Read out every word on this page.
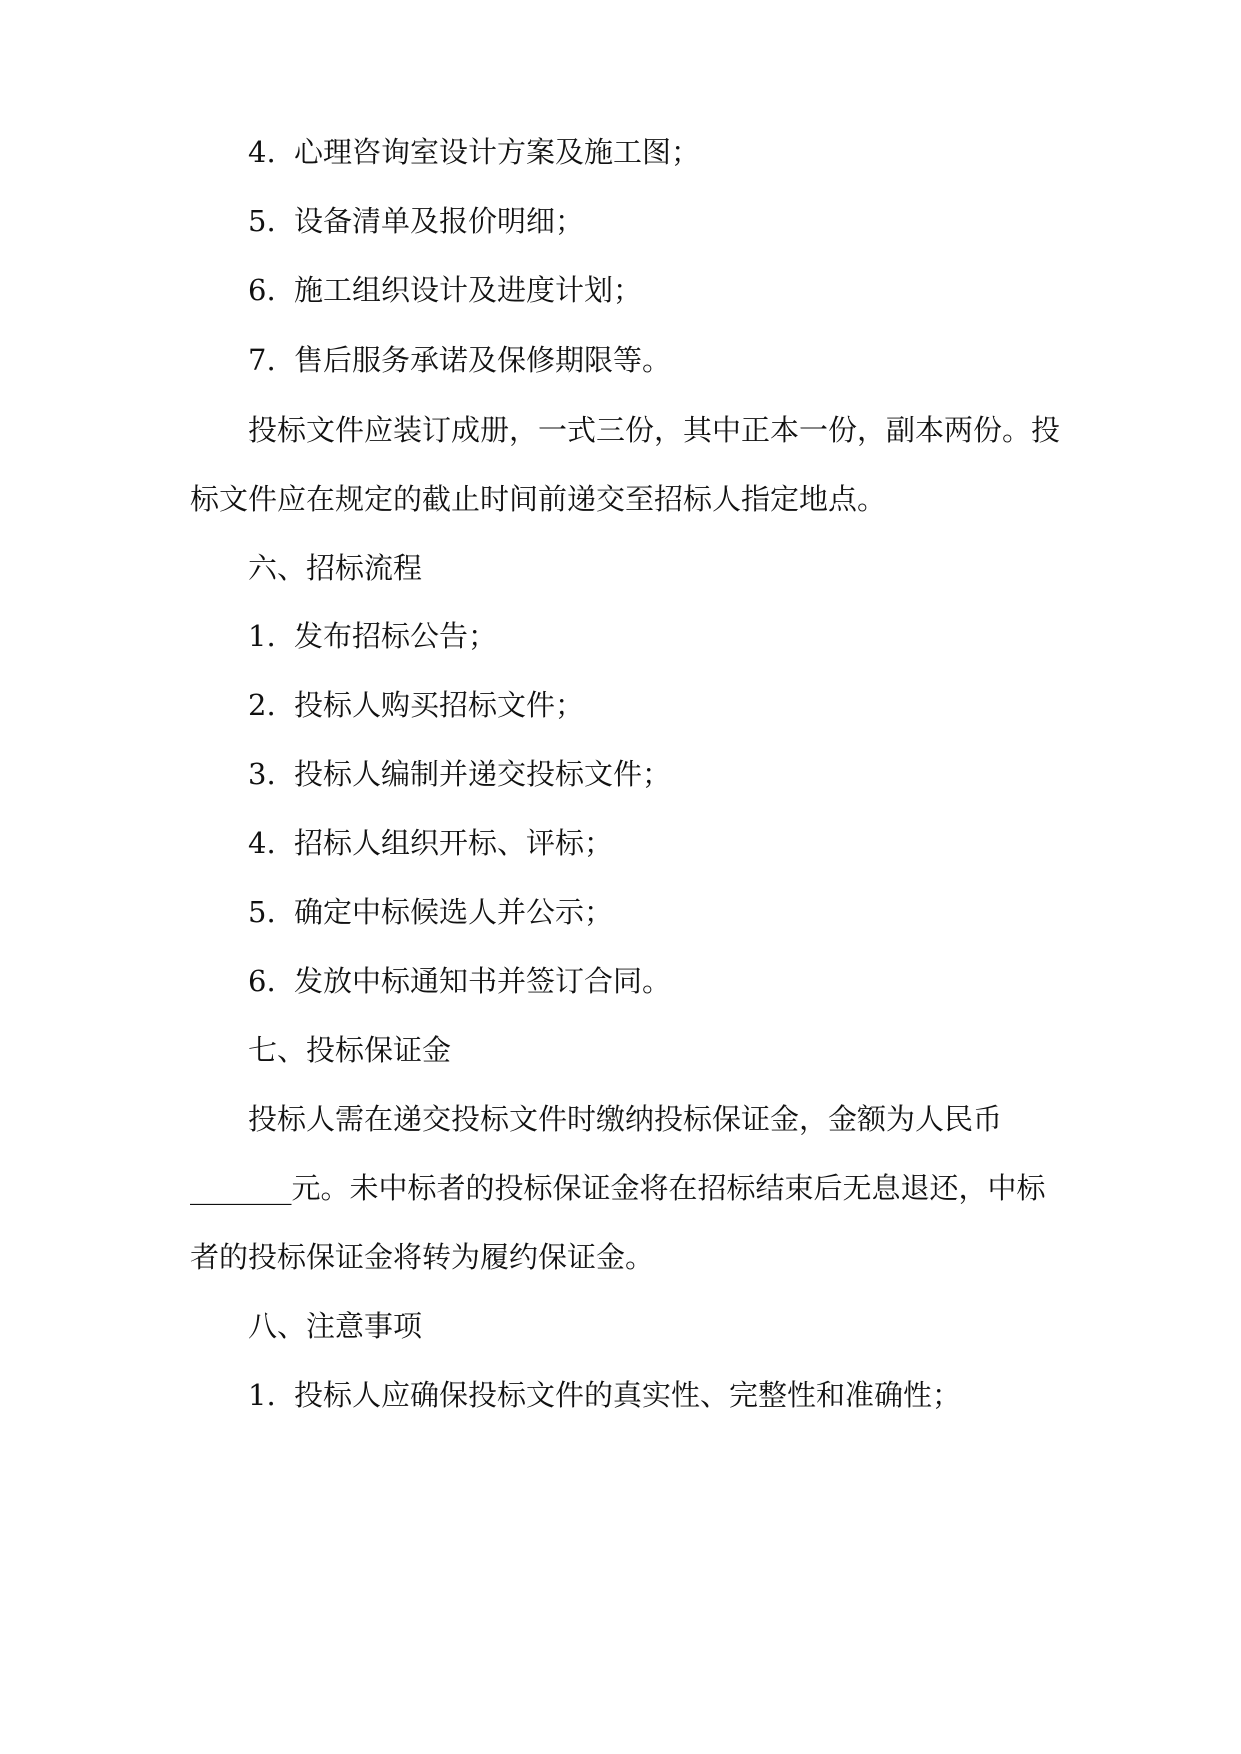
4. 心理咨询室设计方案及施工图；
5. 设备清单及报价明细；
6. 施工组织设计及进度计划；
7. 售后服务承诺及保修期限等。
投标文件应装订成册，一式三份，其中正本一份，副本两份。投
标文件应在规定的截止时间前递交至招标人指定地点。
六、招标流程
1. 发布招标公告；
2. 投标人购买招标文件；
3. 投标人编制并递交投标文件；
4. 招标人组织开标、评标；
5. 确定中标候选人并公示；
6. 发放中标通知书并签订合同。
七、投标保证金
投标人需在递交投标文件时缴纳投标保证金，金额为人民币
_______元。未中标者的投标保证金将在招标结束后无息退还，中标
者的投标保证金将转为履约保证金。
八、注意事项
1. 投标人应确保投标文件的真实性、完整性和准确性；
